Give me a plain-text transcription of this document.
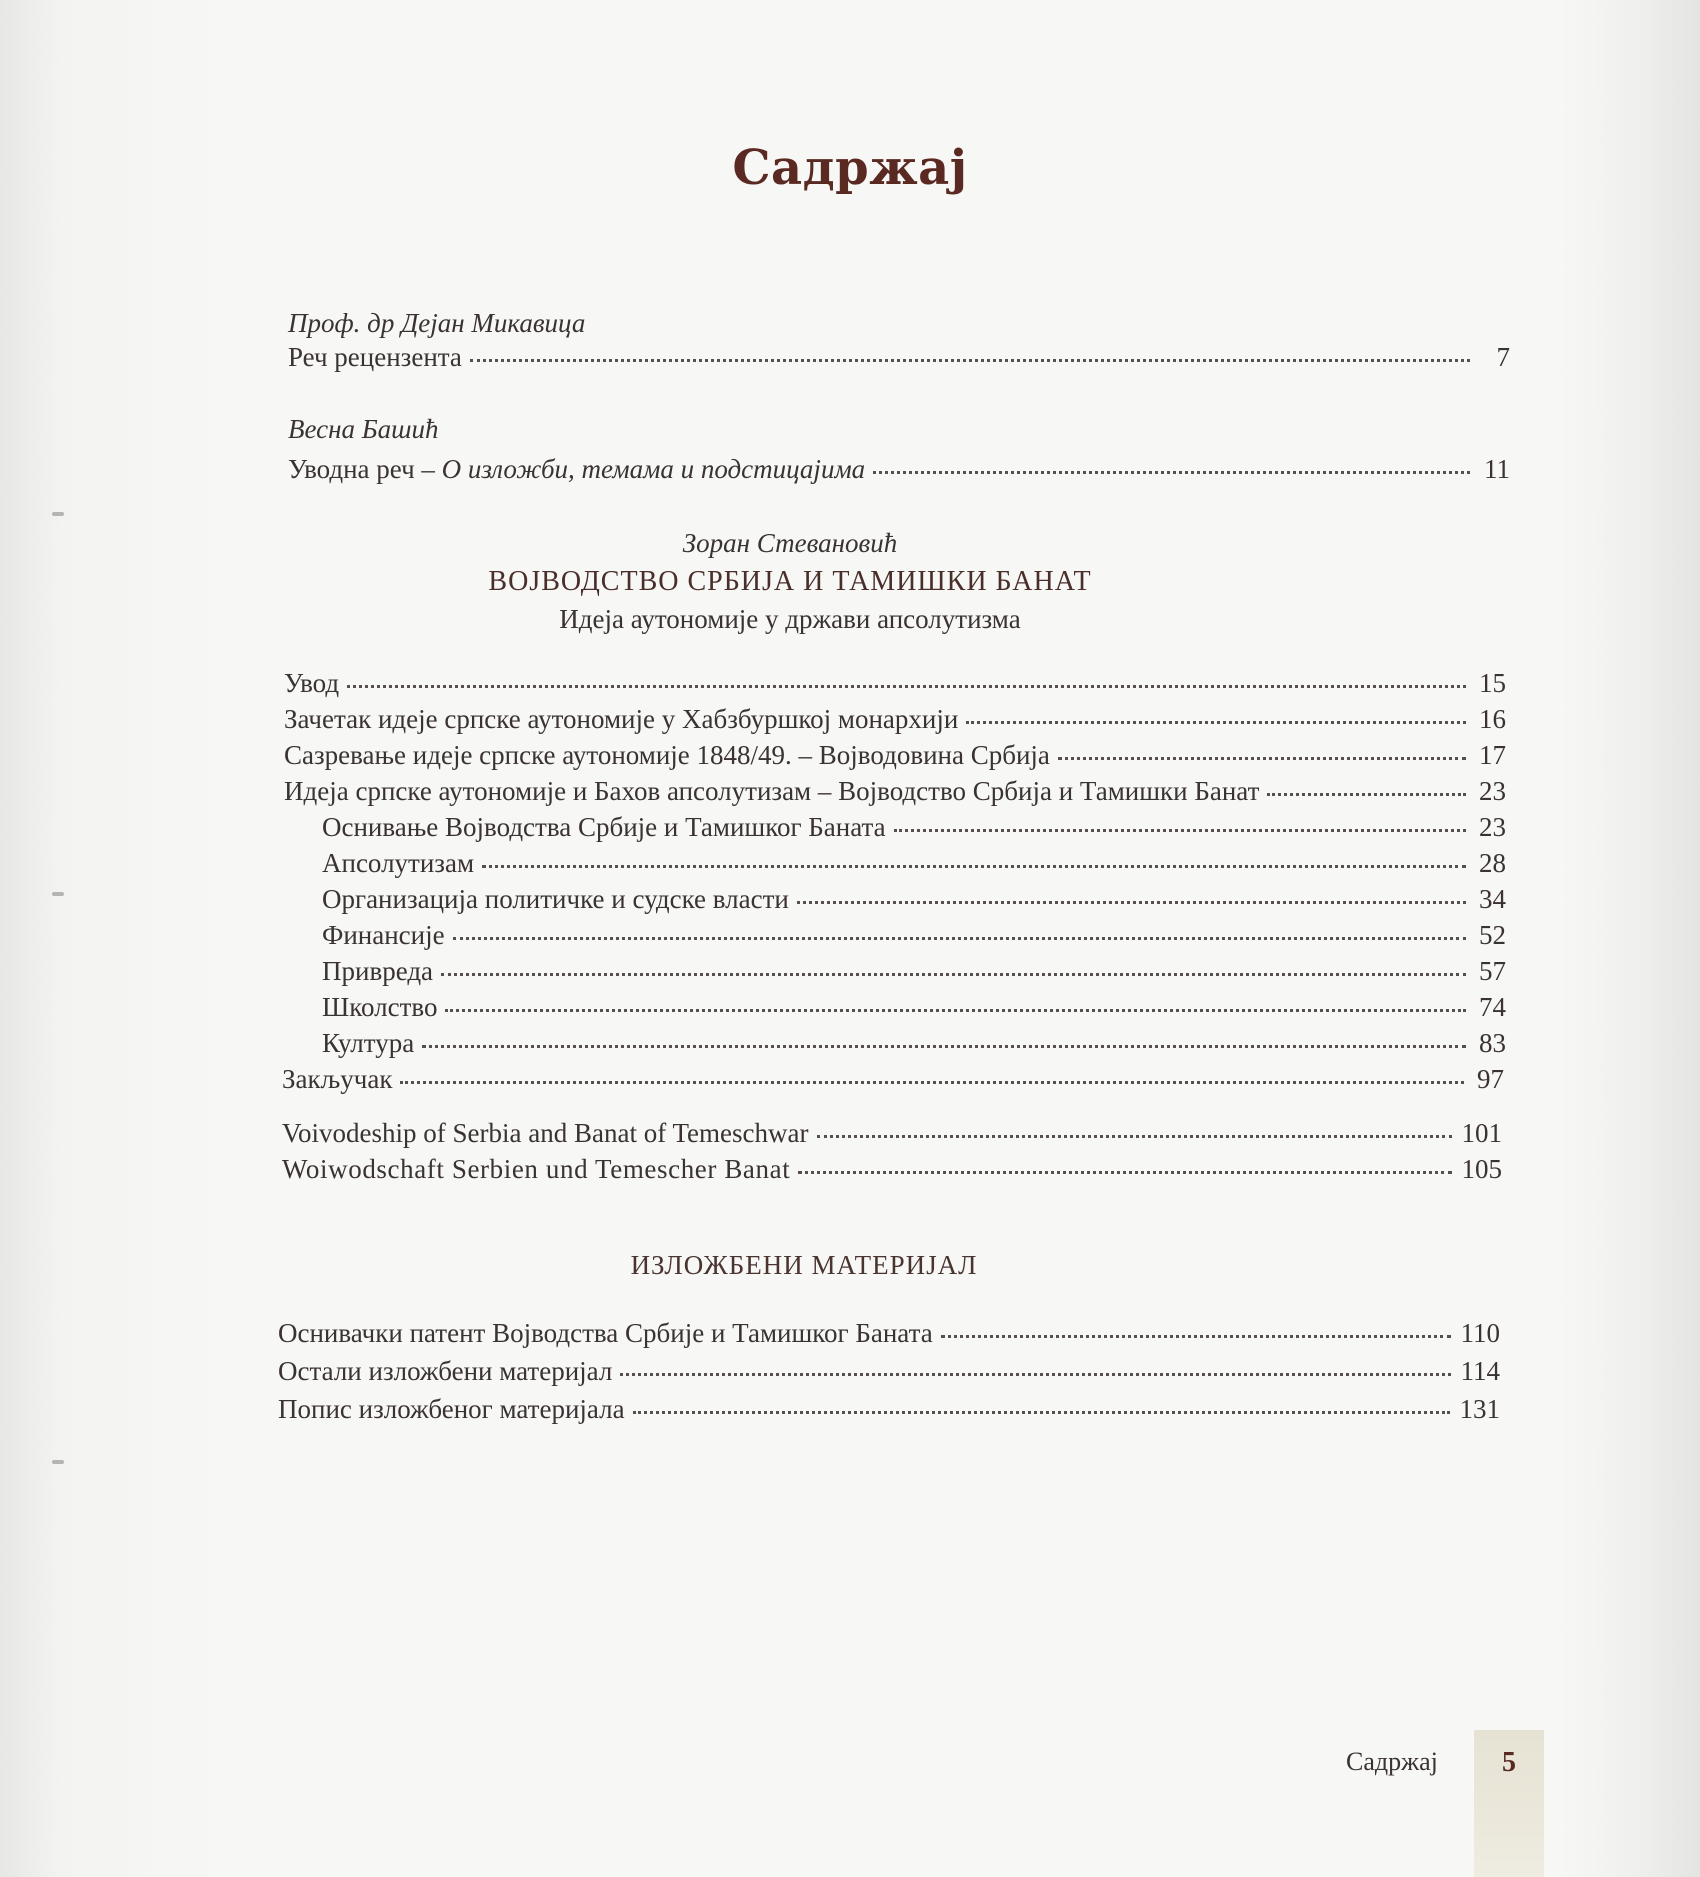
Садржај
Проф. др Дејан Микавица
Реч рецензента	7
Весна Башић
Уводна реч – О изложби, темама и подстицајима	11
Зоран Стевановић
ВОЈВОДСТВО СРБИЈА И ТАМИШКИ БАНАТ
Идеја аутономије у држави апсолутизма
Увод	15
Зачетак идеје српске аутономије у Хабзбуршкој монархији	16
Сазревање идеје српске аутономије 1848/49. – Војводовина Србија	17
Идеја српске аутономије и Бахов апсолутизам – Војводство Србија и Тамишки Банат	23
Оснивање Војводства Србије и Тамишког Баната	23
Апсолутизам	28
Организација политичке и судске власти	34
Финансије	52
Привреда	57
Школство	74
Култура	83
Закључак	97
Voivodeship of Serbia and Banat of Temeschwar	101
Woiwodschaft Serbien und Temescher Banat	105
ИЗЛОЖБЕНИ МАТЕРИЈАЛ
Оснивачки патент Војводства Србије и Тамишког Баната	110
Остали изложбени материјал	114
Попис изложбеног материјала	131
Садржај	5
